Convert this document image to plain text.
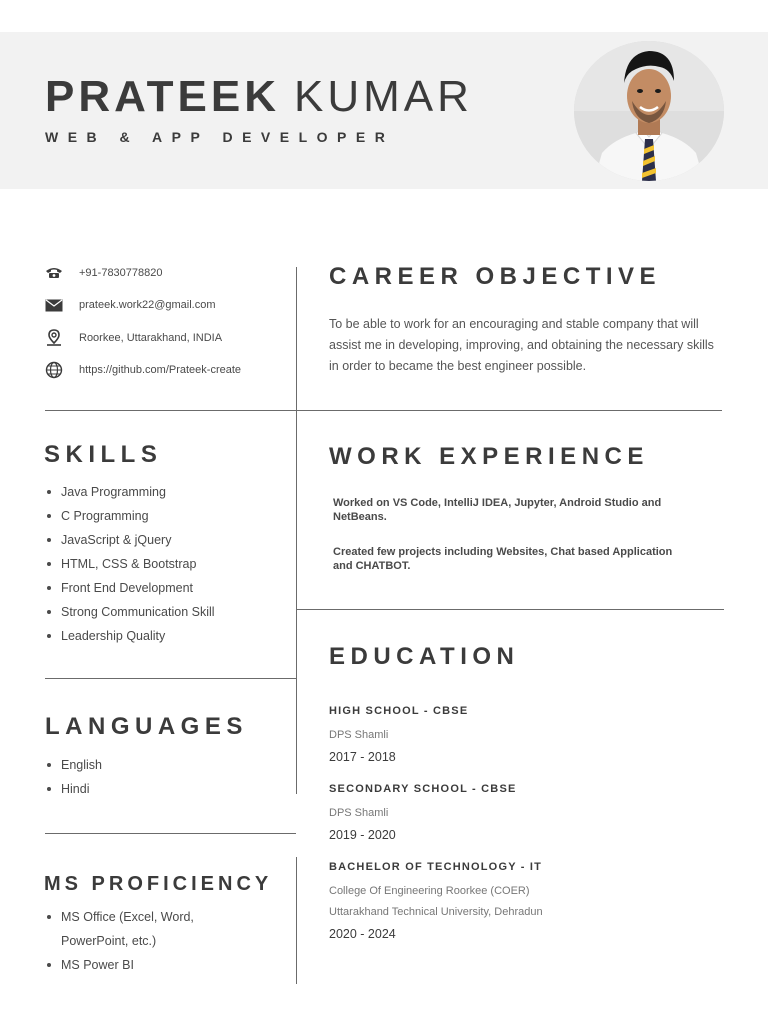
PRATEEK KUMAR
WEB & APP DEVELOPER
+91-7830778820
prateek.work22@gmail.com
Roorkee, Uttarakhand, INDIA
https://github.com/Prateek-create
CAREER OBJECTIVE
To be able to work for an encouraging and stable company that will assist me in developing, improving, and obtaining the necessary skills in order to became the best engineer possible.
SKILLS
Java Programming
C Programming
JavaScript & jQuery
HTML, CSS & Bootstrap
Front End Development
Strong Communication Skill
Leadership Quality
WORK EXPERIENCE
Worked on VS Code, IntelliJ IDEA, Jupyter, Android Studio and NetBeans.
Created few projects including Websites, Chat based Application and CHATBOT.
LANGUAGES
English
Hindi
EDUCATION
HIGH SCHOOL - CBSE
DPS Shamli
2017 - 2018
SECONDARY SCHOOL - CBSE
DPS Shamli
2019 - 2020
BACHELOR OF TECHNOLOGY - IT
College Of Engineering Roorkee (COER)
Uttarakhand Technical University, Dehradun
2020 - 2024
MS PROFICIENCY
MS Office (Excel, Word,
PowerPoint, etc.)
MS Power BI
